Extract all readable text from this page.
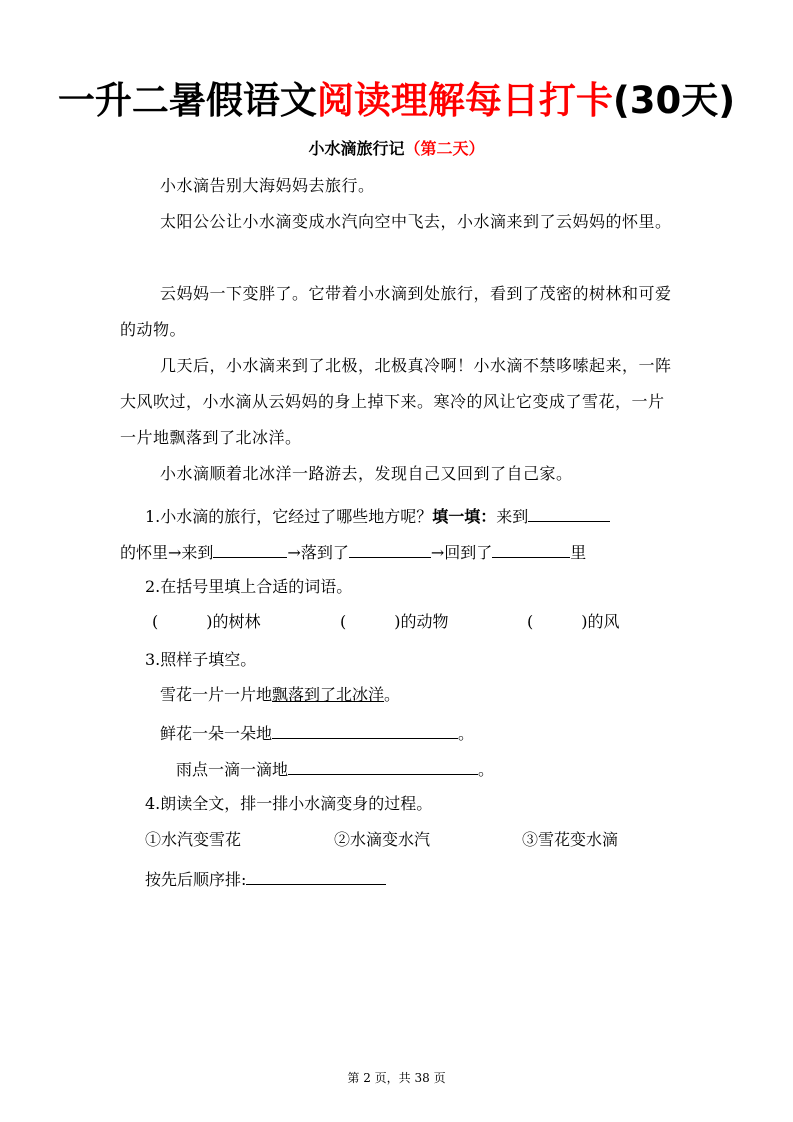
一升二暑假语文阅读理解每日打卡(30天)
小水滴旅行记（第二天）
小水滴告别大海妈妈去旅行。
太阳公公让小水滴变成水汽向空中飞去，小水滴来到了云妈妈的怀里。
云妈妈一下变胖了。它带着小水滴到处旅行，看到了茂密的树林和可爱的动物。
几天后，小水滴来到了北极，北极真冷啊！小水滴不禁哆嗦起来，一阵大风吹过，小水滴从云妈妈的身上掉下来。寒冷的风让它变成了雪花，一片一片地飘落到了北冰洋。
小水滴顺着北冰洋一路游去，发现自己又回到了自己家。
1.小水滴的旅行，它经过了哪些地方呢？填一填：来到
的怀里→来到	→落到了	→回到了	里
2.在括号里填上合适的词语。
(　　　)的树林	(　　　)的动物	(　　　)的风
3.照样子填空。
雪花一片一片地飘落到了北冰洋。
鲜花一朵一朵地	。
雨点一滴一滴地	。
4.朗读全文，排一排小水滴变身的过程。
①水汽变雪花	②水滴变水汽	③雪花变水滴
按先后顺序排:
第 2 页，共 38 页
